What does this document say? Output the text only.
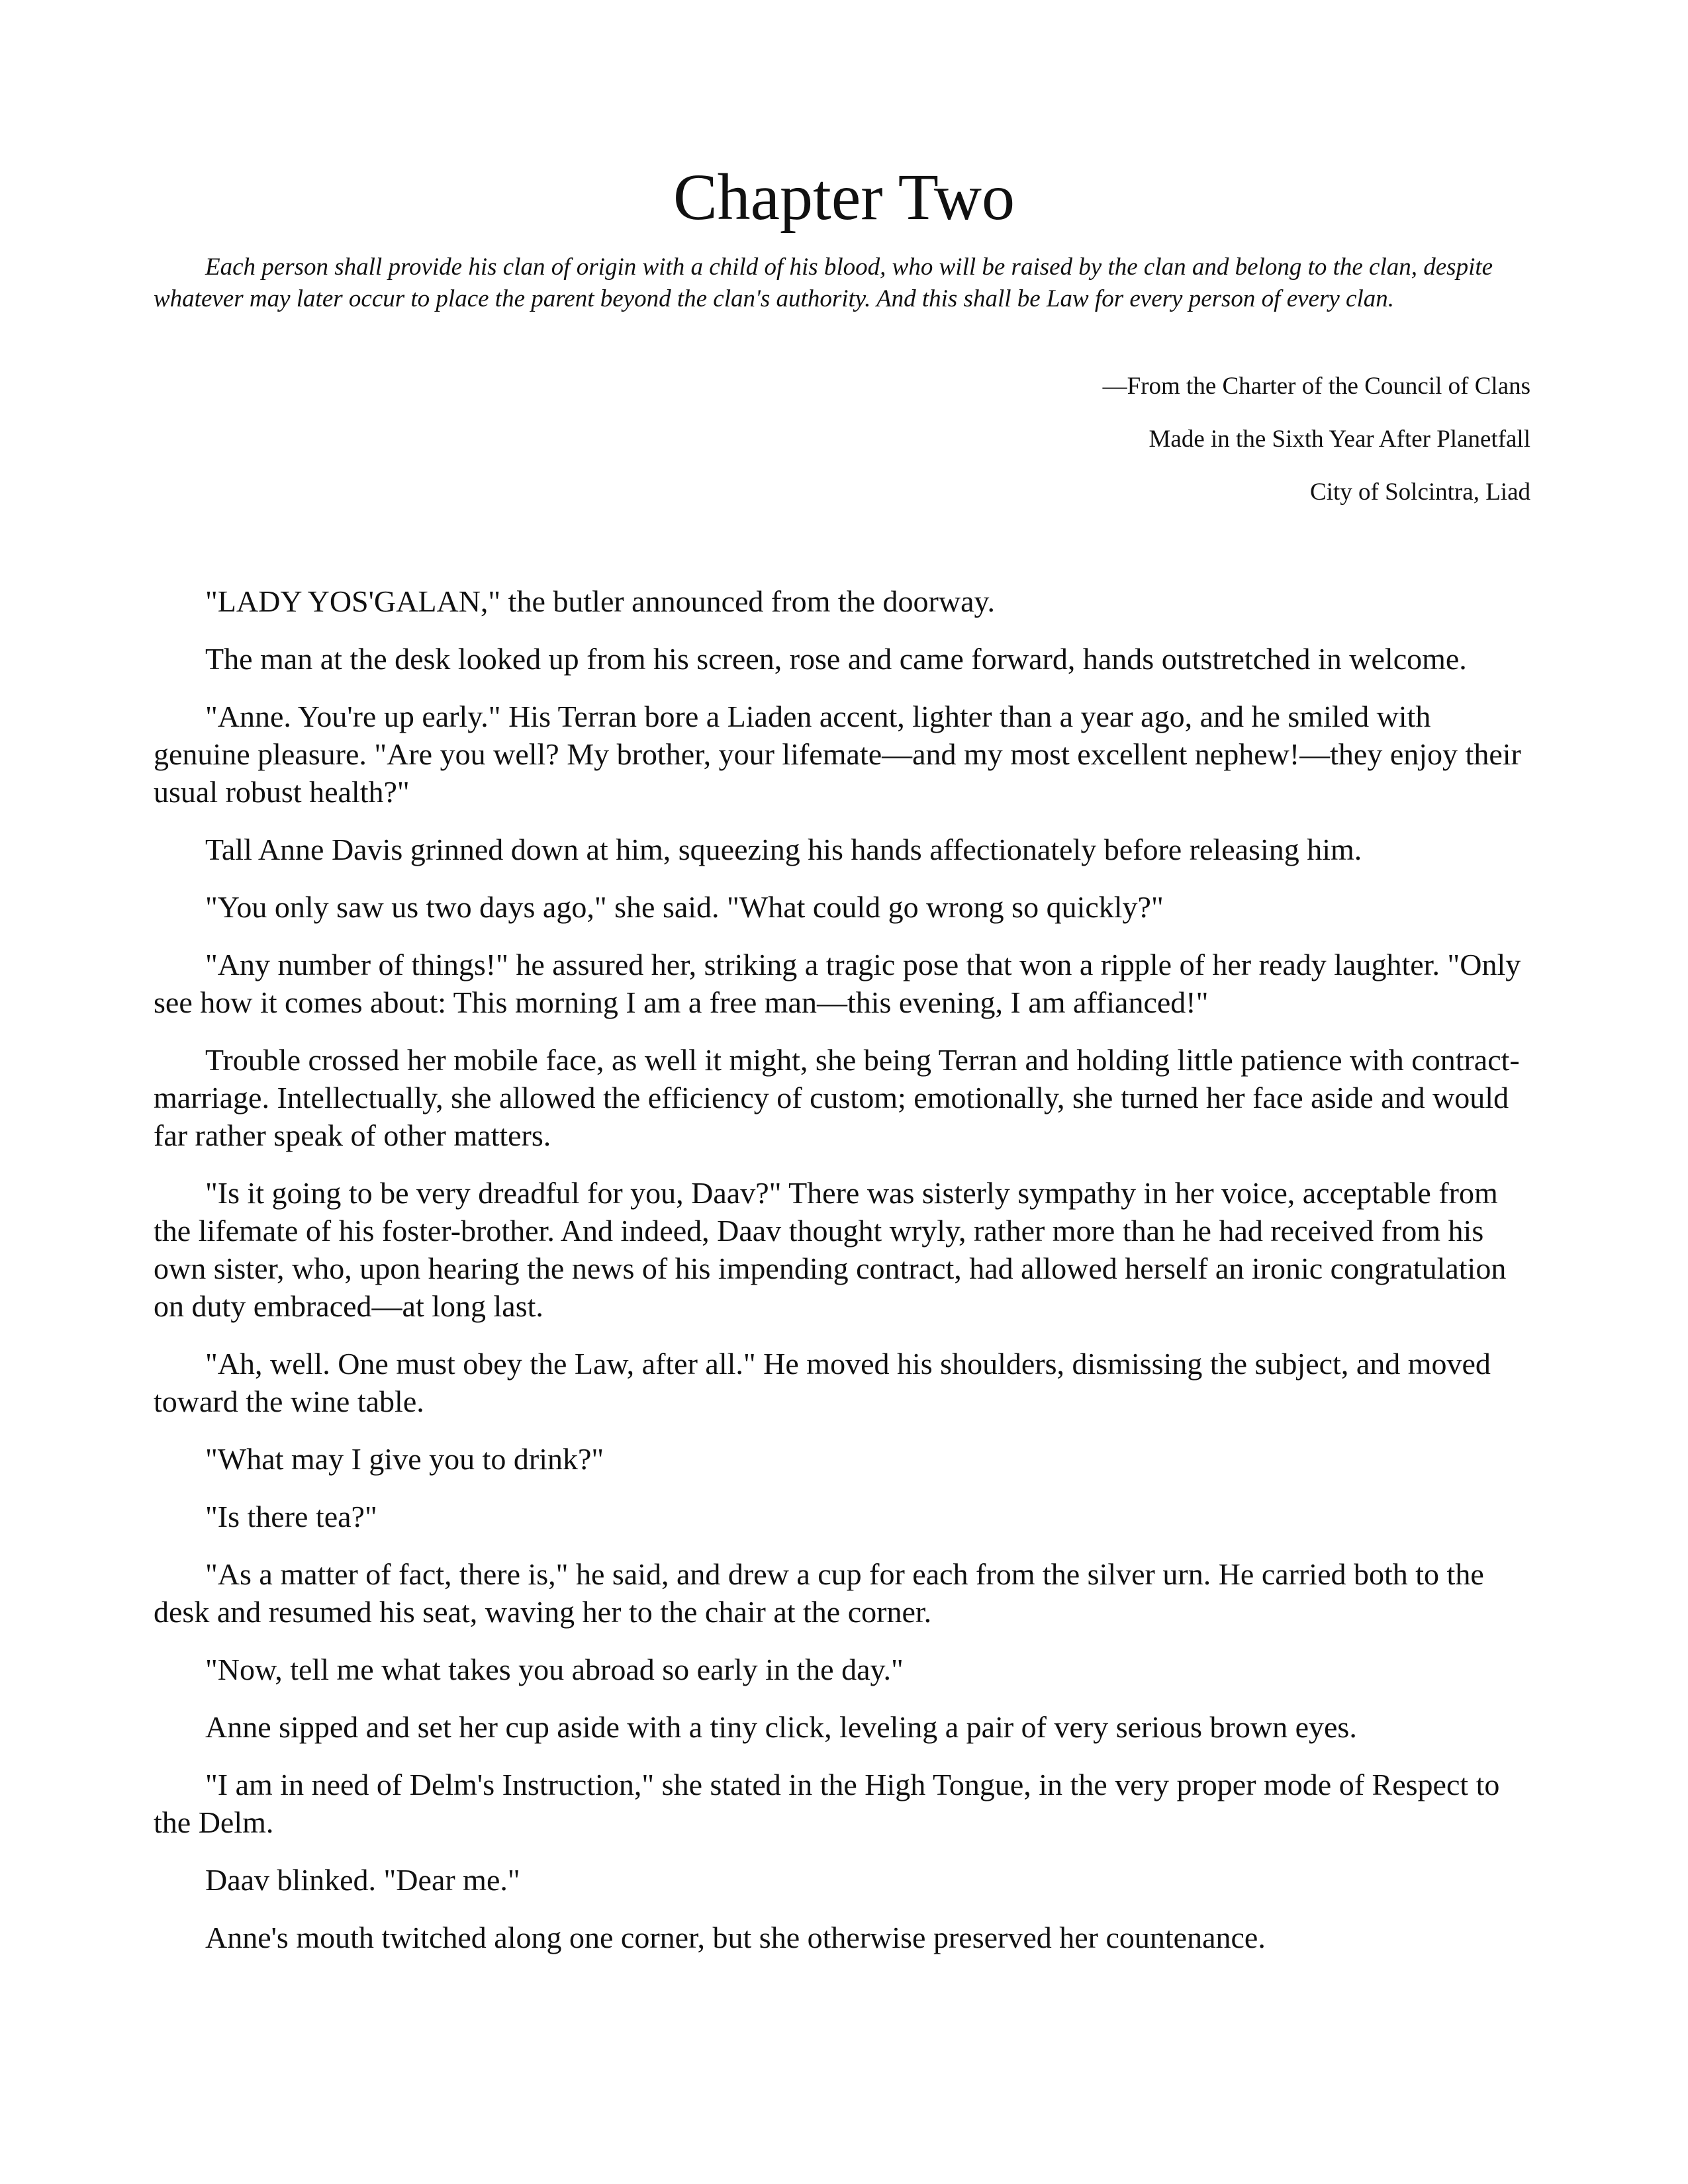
Chapter Two

Each person shall provide his clan of origin with a child of his blood, who will be raised by the clan and belong to the clan, despite whatever may later occur to place the parent beyond the clan's authority. And this shall be Law for every person of every clan.

—From the Charter of the Council of Clans

Made in the Sixth Year After Planetfall

City of Solcintra, Liad

"LADY YOS'GALAN," the butler announced from the doorway.

The man at the desk looked up from his screen, rose and came forward, hands outstretched in welcome.

"Anne. You're up early." His Terran bore a Liaden accent, lighter than a year ago, and he smiled with genuine pleasure. "Are you well? My brother, your lifemate—and my most excellent nephew!—they enjoy their usual robust health?"

Tall Anne Davis grinned down at him, squeezing his hands affectionately before releasing him.

"You only saw us two days ago," she said. "What could go wrong so quickly?"

"Any number of things!" he assured her, striking a tragic pose that won a ripple of her ready laughter. "Only see how it comes about: This morning I am a free man—this evening, I am affianced!"

Trouble crossed her mobile face, as well it might, she being Terran and holding little patience with contract-marriage. Intellectually, she allowed the efficiency of custom; emotionally, she turned her face aside and would far rather speak of other matters.

"Is it going to be very dreadful for you, Daav?" There was sisterly sympathy in her voice, acceptable from the lifemate of his foster-brother. And indeed, Daav thought wryly, rather more than he had received from his own sister, who, upon hearing the news of his impending contract, had allowed herself an ironic congratulation on duty embraced—at long last.

"Ah, well. One must obey the Law, after all." He moved his shoulders, dismissing the subject, and moved toward the wine table.

"What may I give you to drink?"

"Is there tea?"

"As a matter of fact, there is," he said, and drew a cup for each from the silver urn. He carried both to the desk and resumed his seat, waving her to the chair at the corner.

"Now, tell me what takes you abroad so early in the day."

Anne sipped and set her cup aside with a tiny click, leveling a pair of very serious brown eyes.

"I am in need of Delm's Instruction," she stated in the High Tongue, in the very proper mode of Respect to the Delm.

Daav blinked. "Dear me."

Anne's mouth twitched along one corner, but she otherwise preserved her countenance.
